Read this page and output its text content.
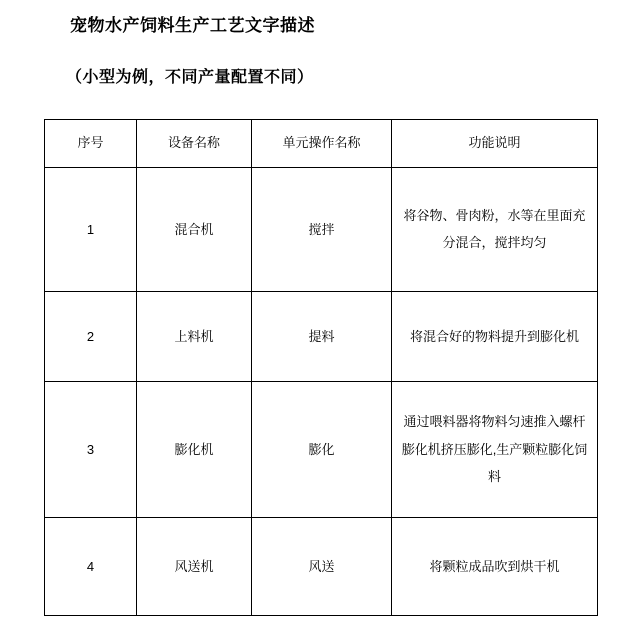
宠物水产饲料生产工艺文字描述
（小型为例，不同产量配置不同）
序号	设备名称	单元操作名称	功能说明
1	混合机	搅拌	将谷物、骨肉粉，水等在里面充分混合，搅拌均匀
2	上料机	提料	将混合好的物料提升到膨化机
3	膨化机	膨化	通过喂料器将物料匀速推入螺杆膨化机挤压膨化,生产颗粒膨化饲料
4	风送机	风送	将颗粒成品吹到烘干机
